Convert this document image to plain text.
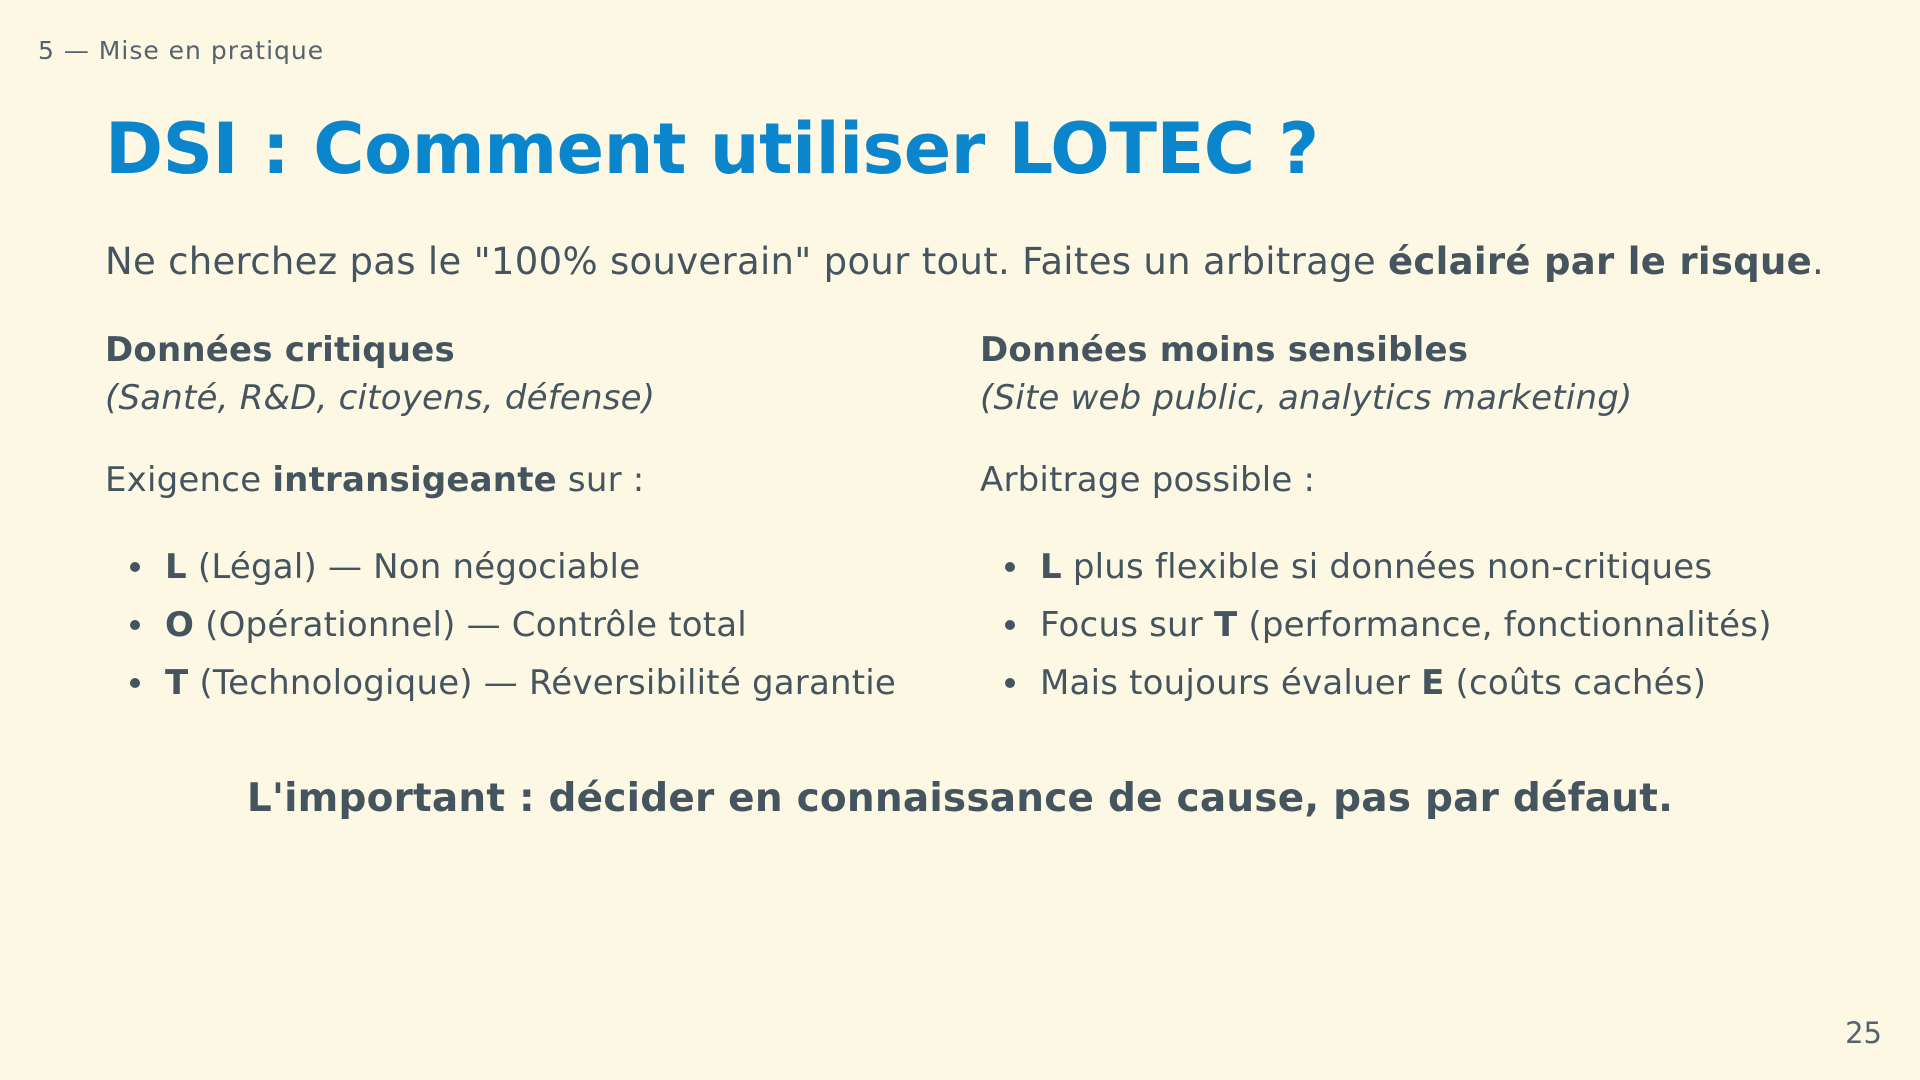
5 — Mise en pratique
DSI : Comment utiliser LOTEC ?

Ne cherchez pas le "100% souverain" pour tout. Faites un arbitrage éclairé par le risque.

Données critiques

(Santé, R&D, citoyens, défense)

Exigence intransigeante sur :

L (Légal) — Non négociable
O (Opérationnel) — Contrôle total
T (Technologique) — Réversibilité garantie

Données moins sensibles

(Site web public, analytics marketing)

Arbitrage possible :

L plus flexible si données non-critiques
Focus sur T (performance, fonctionnalités)
Mais toujours évaluer E (coûts cachés)

L'important : décider en connaissance de cause, pas par défaut.

25
